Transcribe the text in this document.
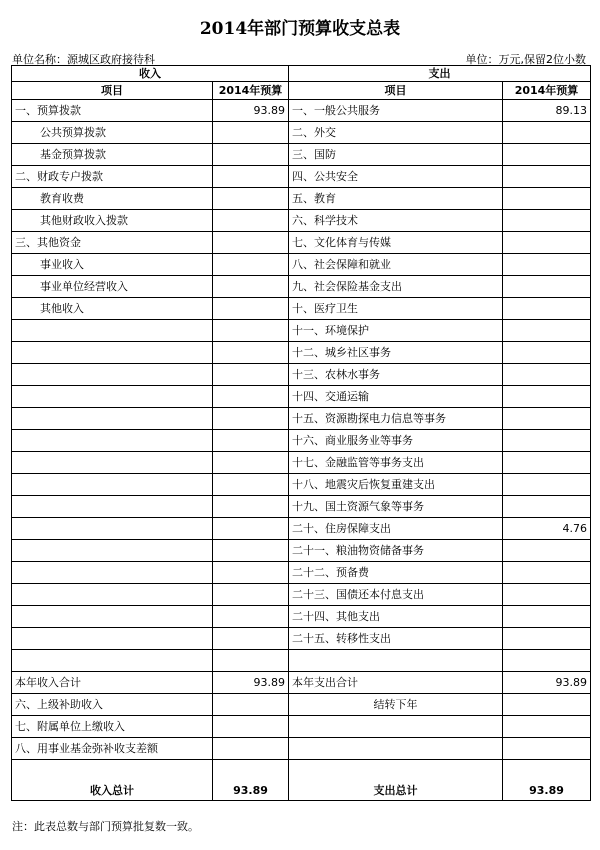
2014年部门预算收支总表
单位名称：源城区政府接待科	单位：万元,保留2位小数
收入		支出	
项目	2014年预算	项目	2014年预算
一、预算拨款	93.89	一、一般公共服务	89.13
公共预算拨款		二、外交	
基金预算拨款		三、国防	
二、财政专户拨款		四、公共安全	
教育收费		五、教育	
其他财政收入拨款		六、科学技术	
三、其他资金		七、文化体育与传媒	
事业收入		八、社会保障和就业	
事业单位经营收入		九、社会保险基金支出	
其他收入		十、医疗卫生	
		十一、环境保护	
		十二、城乡社区事务	
		十三、农林水事务	
		十四、交通运输	
		十五、资源勘探电力信息等事务	
		十六、商业服务业等事务	
		十七、金融监管等事务支出	
		十八、地震灾后恢复重建支出	
		十九、国土资源气象等事务	
		二十、住房保障支出	4.76
		二十一、粮油物资储备事务	
		二十二、预备费	
		二十三、国债还本付息支出	
		二十四、其他支出	
		二十五、转移性支出	

本年收入合计	93.89	本年支出合计	93.89
六、上级补助收入		结转下年	
七、附属单位上缴收入			
八、用事业基金弥补收支差额			
收入总计	93.89	支出总计	93.89
注：此表总数与部门预算批复数一致。
